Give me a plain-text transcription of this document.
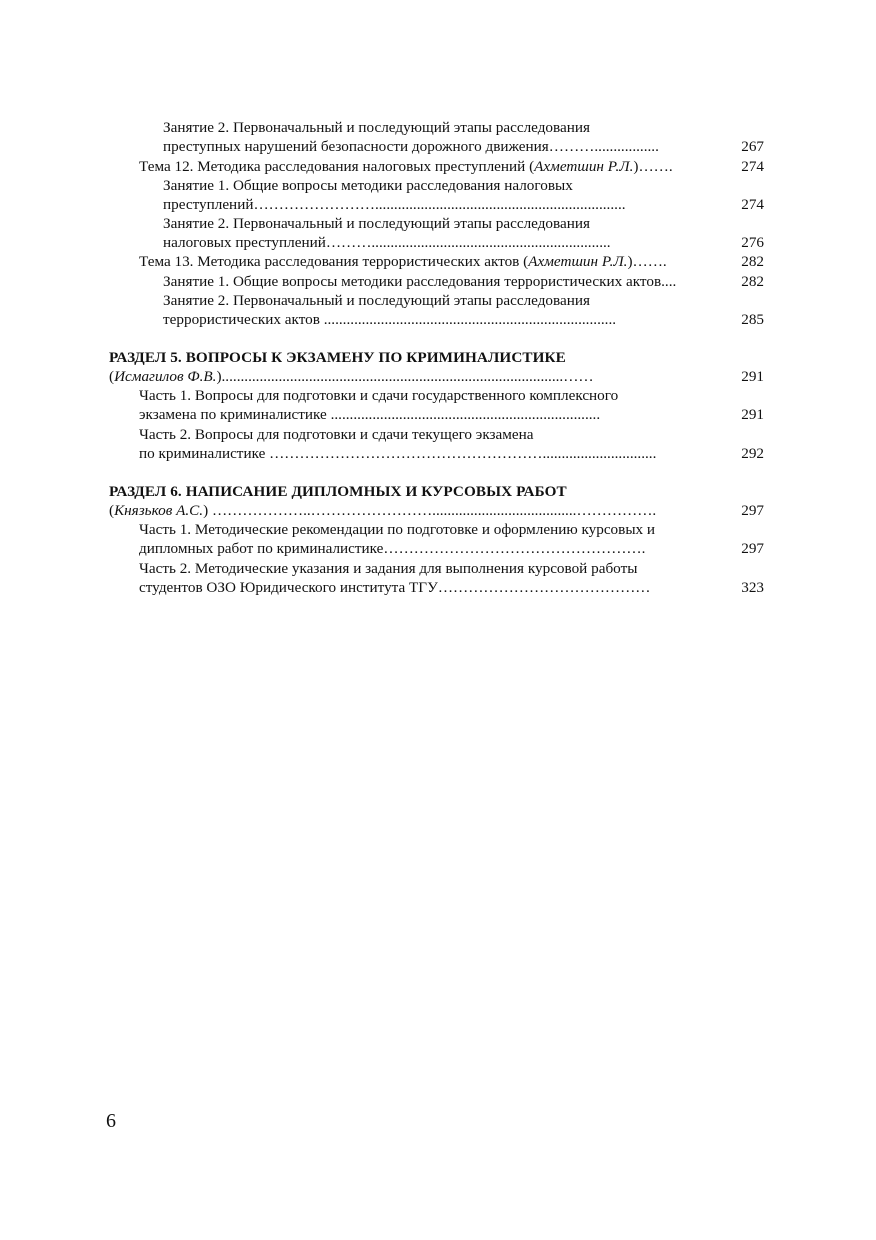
Занятие 2. Первоначальный и последующий этапы расследования
преступных нарушений безопасности дорожного движения……….................	267
Тема 12. Методика расследования налоговых преступлений (Ахметшин Р.Л.)…….	274
Занятие 1. Общие вопросы методики расследования налоговых
преступлений……………………..................................................................	274
Занятие 2. Первоначальный и последующий этапы расследования
налоговых преступлений………...............................................................	276
Тема 13. Методика расследования террористических актов (Ахметшин Р.Л.)…….	282
Занятие 1. Общие вопросы методики расследования террористических актов....	282
Занятие 2. Первоначальный и последующий этапы расследования
террористических актов .............................................................................	285
РАЗДЕЛ 5. ВОПРОСЫ К ЭКЗАМЕНУ ПО КРИМИНАЛИСТИКЕ
(Исмагилов Ф.В.)..........................................................................................……	291
Часть 1. Вопросы для подготовки и сдачи государственного комплексного
экзамена по криминалистике .......................................................................	291
Часть 2. Вопросы для подготовки и сдачи текущего экзамена
по криминалистике ………………………………………………..............................	292
РАЗДЕЛ 6. НАПИСАНИЕ ДИПЛОМНЫХ И КУРСОВЫХ РАБОТ
(Князьков А.С.) ………………..……………………......................................…………….	297
Часть 1. Методические рекомендации по подготовке и оформлению курсовых и
дипломных работ по криминалистике…………………………………………….	297
Часть 2. Методические указания и задания для выполнения курсовой работы
студентов ОЗО Юридического института ТГУ……………………………………	323
6
